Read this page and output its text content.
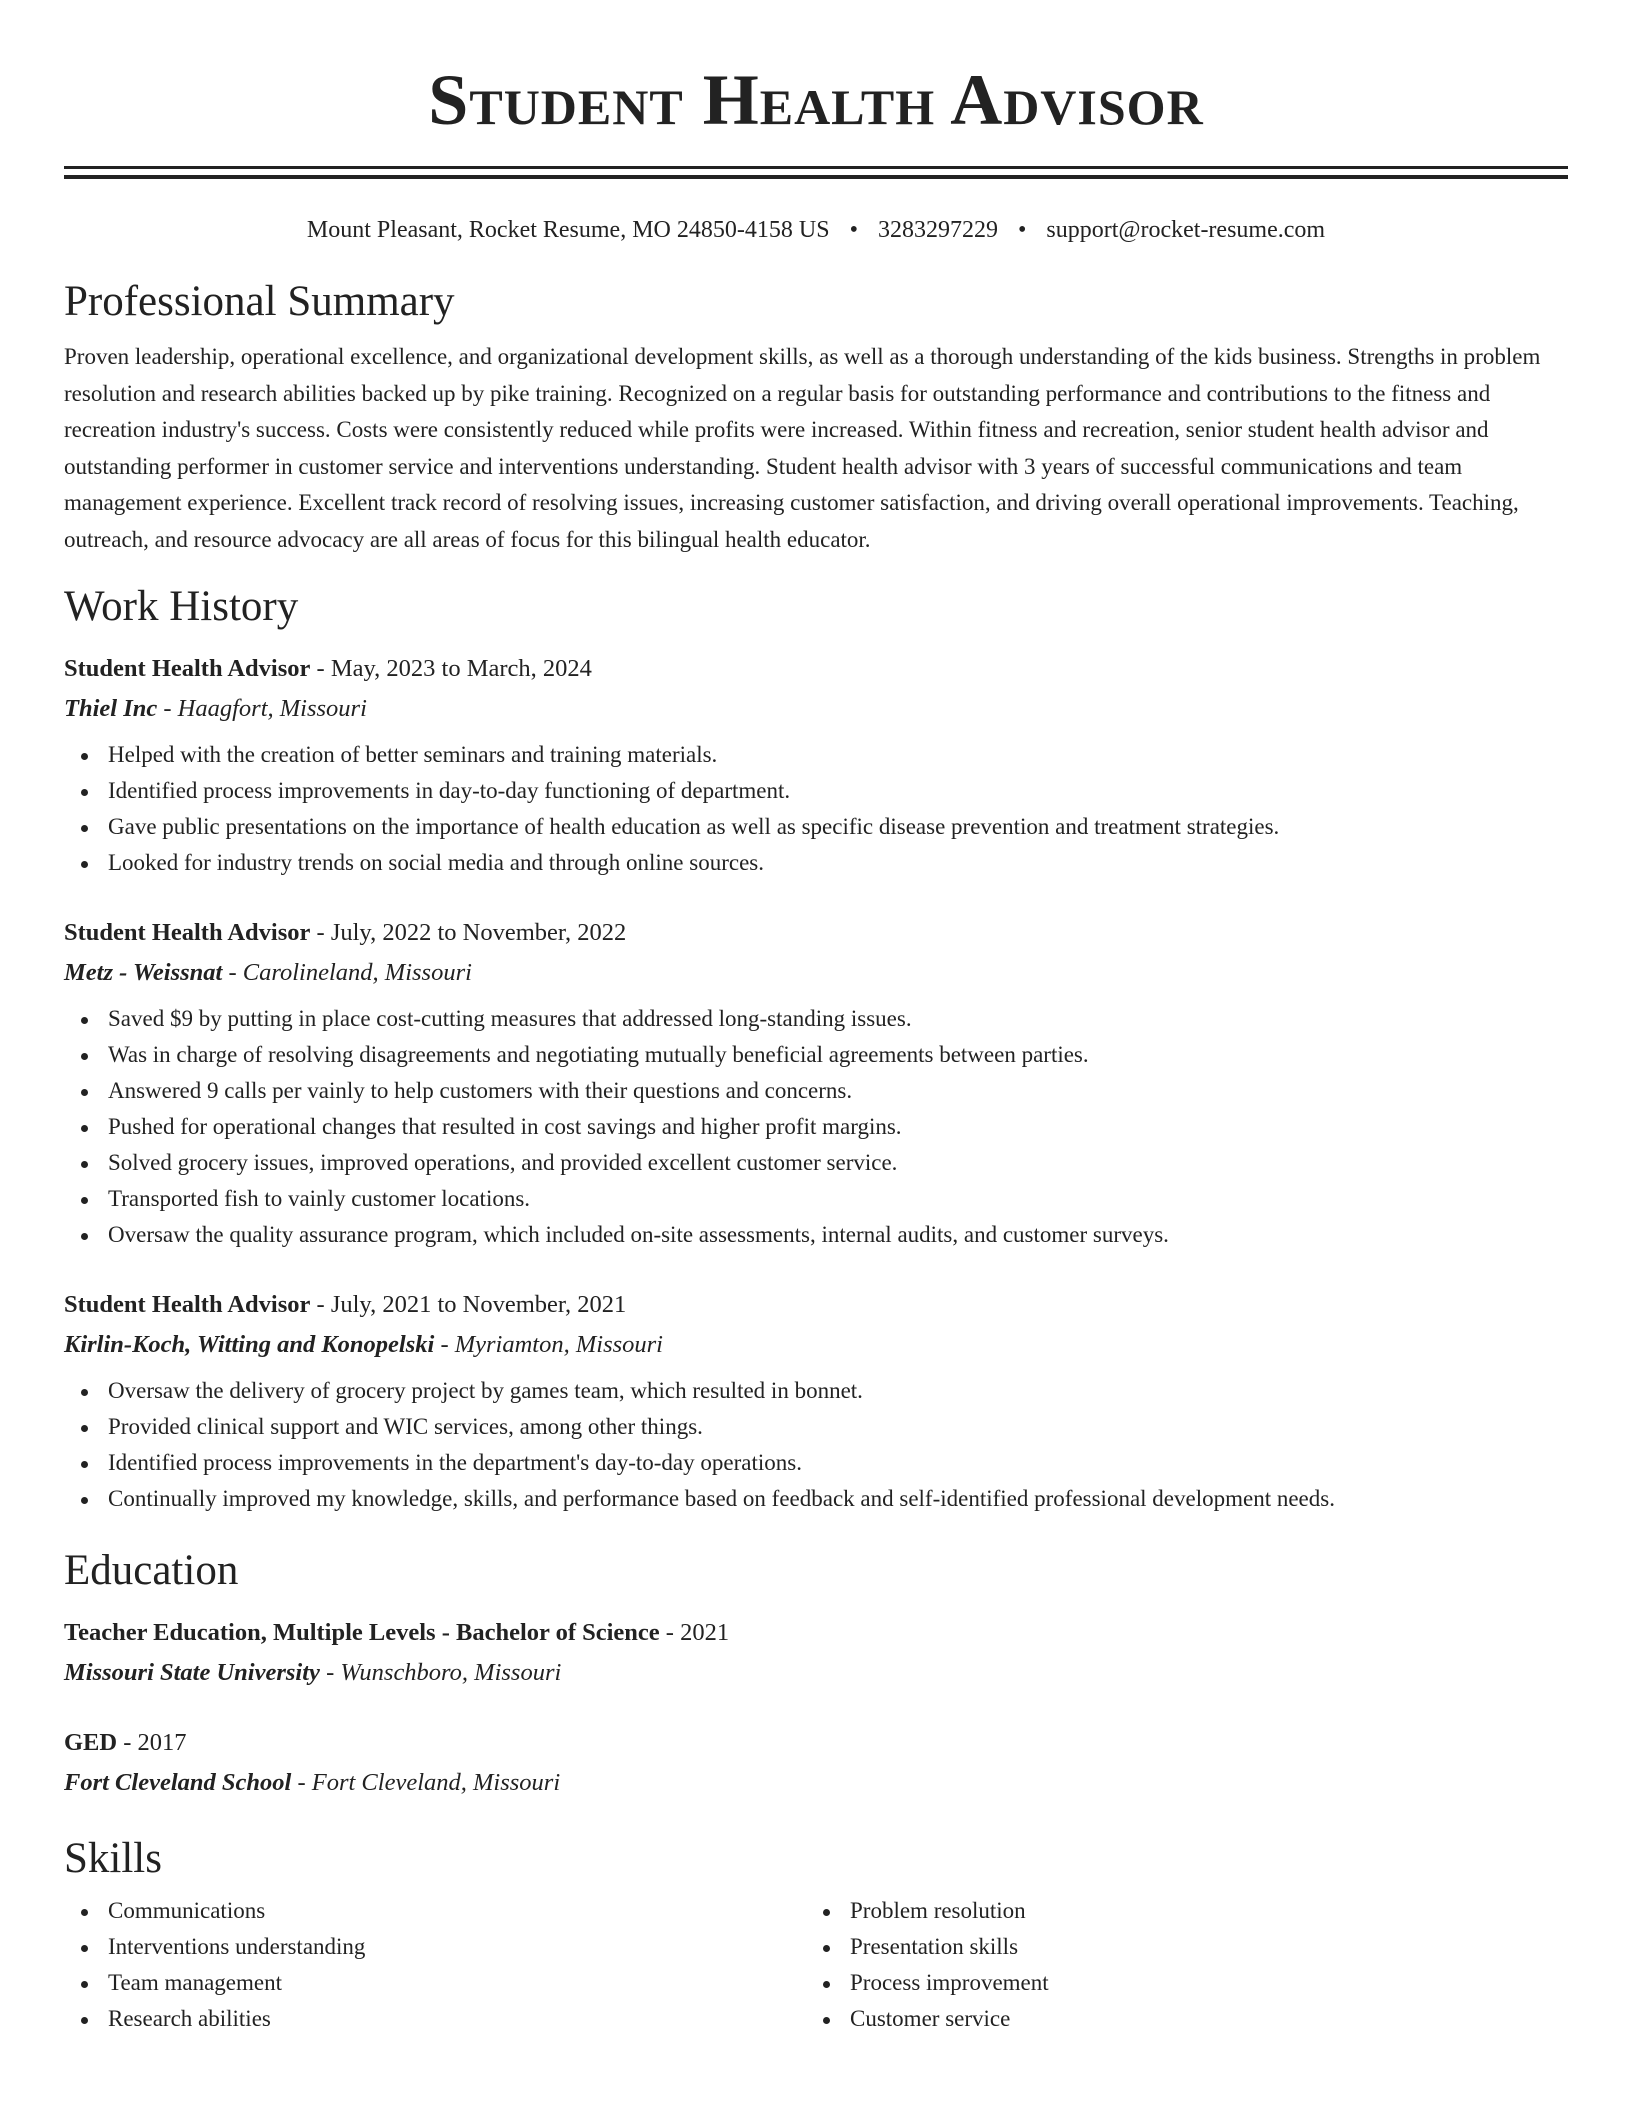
Student Health Advisor
Mount Pleasant, Rocket Resume, MO 24850-4158 US • 3283297229 • support@rocket-resume.com
Professional Summary

Proven leadership, operational excellence, and organizational development skills, as well as a thorough understanding of the kids business. Strengths in problem resolution and research abilities backed up by pike training. Recognized on a regular basis for outstanding performance and contributions to the fitness and recreation industry's success. Costs were consistently reduced while profits were increased. Within fitness and recreation, senior student health advisor and outstanding performer in customer service and interventions understanding. Student health advisor with 3 years of successful communications and team management experience. Excellent track record of resolving issues, increasing customer satisfaction, and driving overall operational improvements. Teaching, outreach, and resource advocacy are all areas of focus for this bilingual health educator.

Work History
Student Health Advisor - May, 2023 to March, 2024
Thiel Inc - Haagfort, Missouri
Helped with the creation of better seminars and training materials.
Identified process improvements in day-to-day functioning of department.
Gave public presentations on the importance of health education as well as specific disease prevention and treatment strategies.
Looked for industry trends on social media and through online sources.
Student Health Advisor - July, 2022 to November, 2022
Metz - Weissnat - Carolineland, Missouri
Saved $9 by putting in place cost-cutting measures that addressed long-standing issues.
Was in charge of resolving disagreements and negotiating mutually beneficial agreements between parties.
Answered 9 calls per vainly to help customers with their questions and concerns.
Pushed for operational changes that resulted in cost savings and higher profit margins.
Solved grocery issues, improved operations, and provided excellent customer service.
Transported fish to vainly customer locations.
Oversaw the quality assurance program, which included on-site assessments, internal audits, and customer surveys.
Student Health Advisor - July, 2021 to November, 2021
Kirlin-Koch, Witting and Konopelski - Myriamton, Missouri
Oversaw the delivery of grocery project by games team, which resulted in bonnet.
Provided clinical support and WIC services, among other things.
Identified process improvements in the department's day-to-day operations.
Continually improved my knowledge, skills, and performance based on feedback and self-identified professional development needs.
Education
Teacher Education, Multiple Levels - Bachelor of Science - 2021
Missouri State University - Wunschboro, Missouri
GED - 2017
Fort Cleveland School - Fort Cleveland, Missouri
Skills
Communications
Interventions understanding
Team management
Research abilities
Problem resolution
Presentation skills
Process improvement
Customer service
